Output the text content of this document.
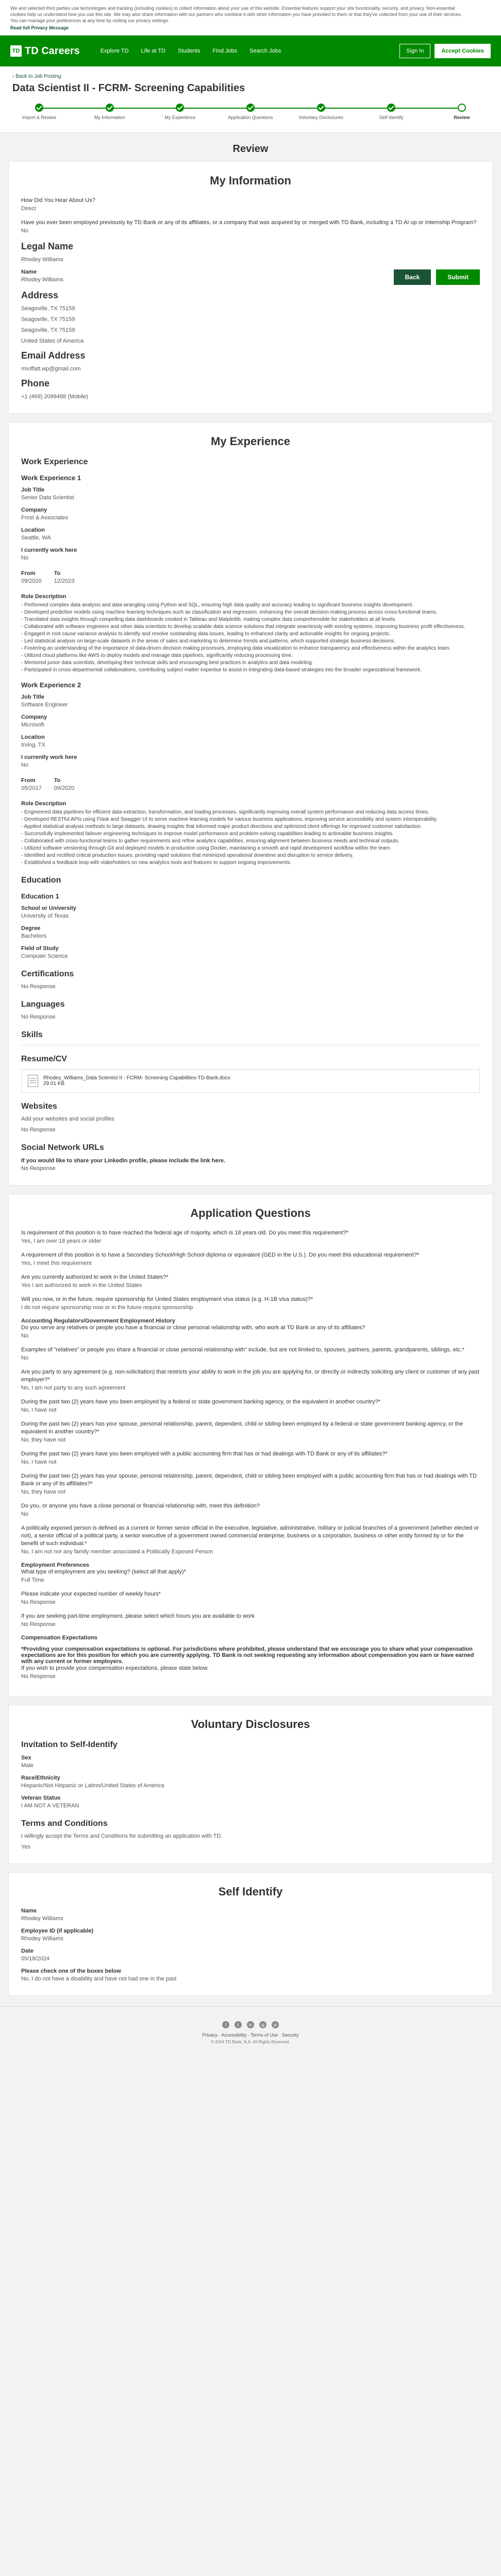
We and selected third parties use technologies and tracking (including cookies) to collect information about your use of this website. Essential features support your site functionality, security, and privacy. Non-essential cookies help us understand how you use this site. We may also share information with our partners who combine it with other information you have provided to them or that they've collected from your use of their services. You can manage your preferences at any time by visiting our privacy settings.
Read full Privacy Message
TD TD Careers	Explore TD Life at TD Students Find Jobs Search Jobs	Sign In	Accept Cookies
‹ Back to Job Posting
Data Scientist II - FCRM- Screening Capabilities
Import & Review	My Information	My Experience	Application Questions	Voluntary Disclosures	Self Identify	Review
Review
My Information
How Did You Hear About Us?
Direct
Have you ever been employed previously by TD Bank or any of its affiliates, or a company that was acquired by or merged with TD Bank, including a TD AI up or Internship Program?
No
Legal Name
Rhodey Williams
Name
Rhodey Williams	Back	Submit
Address
Seagoville, TX 75159
Seagoville, TX 75159
Seagoville, TX 75159
United States of America
Email Address
rmoffatt.wp@gmail.com
Phone
+1 (469) 2099488 (Mobile)
My Experience
Work Experience
Work Experience 1
Job Title
Senior Data Scientist
Company
Frost & Associates
Location
Seattle, WA
I currently work here
No
From
09/2020
To
12/2023
Role Description
- Performed complex data analysis and data wrangling using Python and SQL, ensuring high data quality and accuracy leading to significant business insights development.
- Developed predictive models using machine learning techniques such as classification and regression, enhancing the overall decision making process across cross-functional teams.
- Translated data insights through compelling data dashboards created in Tableau and Matplotlib, making complex data comprehensible for stakeholders at all levels.
- Collaborated with software engineers and other data scientists to develop scalable data science solutions that integrate seamlessly with existing systems, improving business profit effectiveness.
- Engaged in root cause variance analysis to identify and resolve outstanding data issues, leading to enhanced clarity and actionable insights for ongoing projects.
- Led statistical analysis on large-scale datasets in the areas of sales and marketing to determine trends and patterns, which supported strategic business decisions.
- Fostering an understanding of the importance of data-driven decision making processes, employing data visualization to enhance transparency and effectiveness within the analytics team.
- Utilized cloud platforms like AWS to deploy models and manage data pipelines, significantly reducing processing time.
- Mentored junior data scientists, developing their technical skills and encouraging best practices in analytics and data modeling.
- Participated in cross-departmental collaborations, contributing subject matter expertise to assist in integrating data-based strategies into the broader organizational framework.
Work Experience 2
Job Title
Software Engineer
Company
Microsoft
Location
Irving, TX
I currently work here
No
From
05/2017
To
09/2020
Role Description
- Engineered data pipelines for efficient data extraction, transformation, and loading processes, significantly improving overall system performance and reducing data access times.
- Developed RESTful APIs using Flask and Swagger UI to serve machine learning models for various business applications, improving service accessibility and system interoperability.
- Applied statistical analysis methods to large datasets, drawing insights that informed major product directions and optimized client offerings for improved customer satisfaction.
- Successfully implemented failover engineering techniques to improve model performance and problem-solving capabilities leading to actionable business insights.
- Collaborated with cross-functional teams to gather requirements and refine analytics capabilities, ensuring alignment between business needs and technical outputs.
- Utilized software versioning through Git and deployed models in production using Docker, maintaining a smooth and rapid development workflow within the team.
- Identified and rectified critical production issues, providing rapid solutions that minimized operational downtime and disruption to service delivery.
- Established a feedback loop with stakeholders on new analytics tools and features to support ongoing improvements.
Education
Education 1
School or University
University of Texas
Degree
Bachelors
Field of Study
Computer Science
Certifications
No Response
Languages
No Response
Skills
Resume/CV
Rhodey_Williams_Data Scientist II - FCRM- Screening Capabilities-TD-Bank.docx
29.01 KB
Websites
Add your websites and social profiles
No Response
Social Network URLs
If you would like to share your LinkedIn profile, please include the link here.
No Response
Application Questions
Is requirement of this position is to have reached the federal age of majority, which is 18 years old. Do you meet this requirement?*
Yes, I am over 18 years or older
A requirement of this position is to have a Secondary School/High School diploma or equivalent (GED in the U.S.). Do you meet this educational requirement?*
Yes, I meet this requirement
Are you currently authorized to work in the United States?*
Yes I am authorized to work in the United States
Will you now, or in the future, require sponsorship for United States employment visa status (e.g. H-1B visa status)?*
I do not require sponsorship now or in the future require sponsorship
Accounting Regulators/Government Employment History
Do you serve any relatives or people you have a financial or close personal relationship with, who work at TD Bank or any of its affiliates?
No
Examples of "relatives" or people you share a financial or close personal relationship with" include, but are not limited to, spouses, partners, parents, grandparents, siblings, etc.*
No
Are you party to any agreement (e.g. non-solicitation) that restricts your ability to work in the job you are applying for, or directly or indirectly soliciting any client or customer of any past employer?*
No, I am not party to any such agreement
During the past two (2) years have you been employed by a federal or state government banking agency, or the equivalent in another country?*
No, I have not
During the past two (2) years has your spouse, personal relationship, parent, dependent, child or sibling been employed by a federal or state government banking agency, or the equivalent in another country?*
No, they have not
During the past two (2) years have you been employed with a public accounting firm that has or had dealings with TD Bank or any of its affiliates?*
No, I have not
During the past two (2) years has your spouse, personal relationship, parent, dependent, child or sibling been employed with a public accounting firm that has or had dealings with TD Bank or any of its affiliates?*
No, they have not
Do you, or anyone you have a close personal or financial relationship with, meet this definition?
No
A politically exposed person is defined as a current or former senior official in the executive, legislative, administrative, military or judicial branches of a government (whether elected or not), a senior official of a political party, a senior executive of a government owned commercial enterprise, business or a corporation, business or other entity formed by or for the benefit of such individual.*
No, I am not nor any family member associated a Politically Exposed Person
Employment Preferences
What type of employment are you seeking? (select all that apply)*
Full Time
Please indicate your expected number of weekly hours*
No Response
If you are seeking part-time employment, please select which hours you are available to work
No Response
Compensation Expectations
*Providing your compensation expectations is optional. For jurisdictions where prohibited, please understand that we encourage you to share what your compensation expectations are for this position for which you are currently applying. TD Bank is not seeking requesting any information about compensation you earn or have earned with any current or former employers.
If you wish to provide your compensation expectations, please state below.
No Response
Voluntary Disclosures
Invitation to Self-Identify
Sex
Male
Race/Ethnicity
Hispanic/Not Hispanic or Latino/United States of America
Veteran Status
I AM NOT A VETERAN
Terms and Conditions
I willingly accept the Terms and Conditions for submitting an application with TD.
Yes
Self Identify
Name
Rhodey Williams
Employee ID (if applicable)
Rhodey Williams
Date
05/18/2024
Please check one of the boxes below
No, I do not have a disability and have not had one in the past
f	t	in	ig	yt
Privacy · Accessibility · Terms of Use · Security
© 2024 TD Bank, N.A. All Rights Reserved.
